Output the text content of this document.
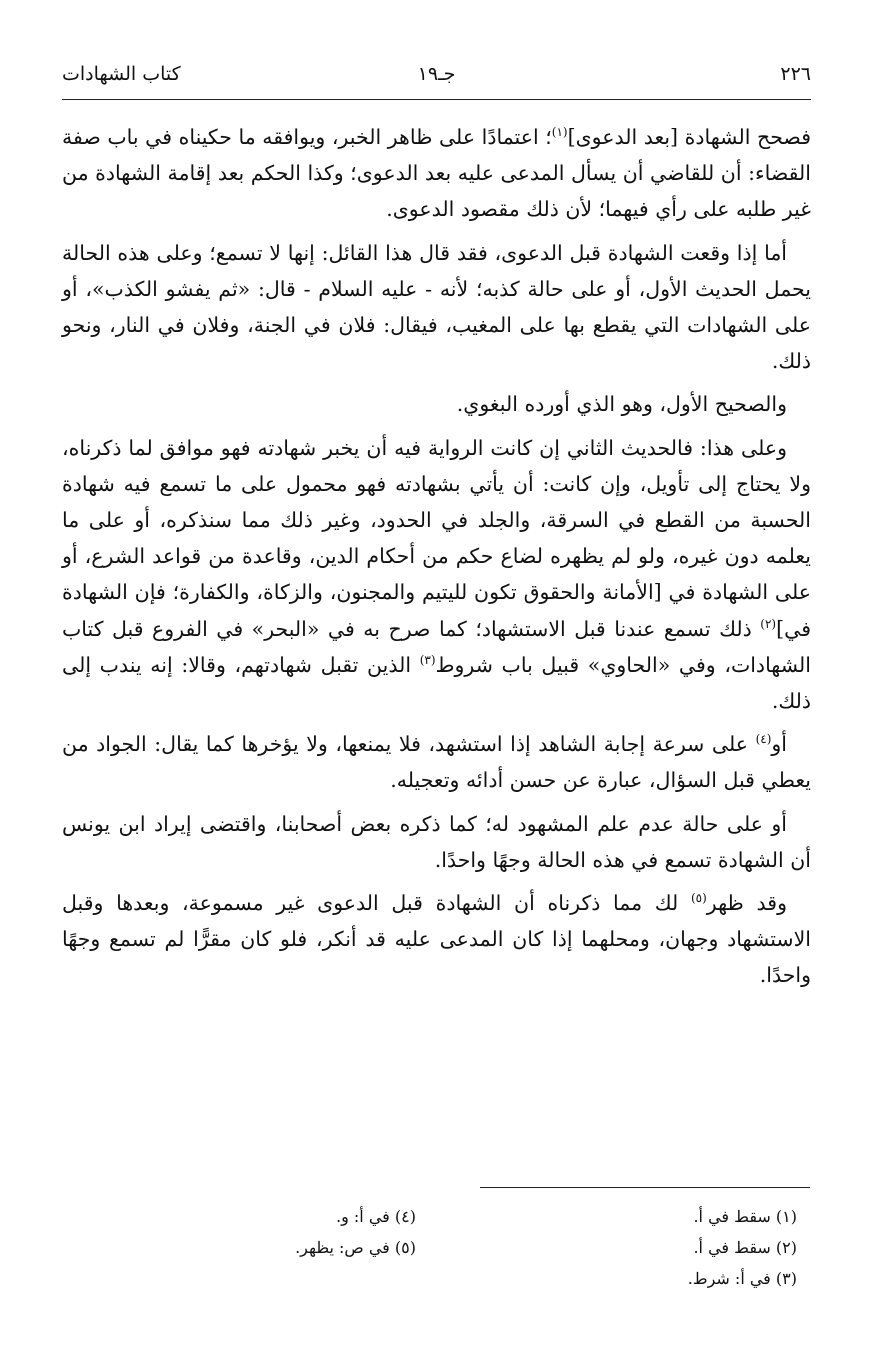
٢٢٦
جـ١٩
كتاب الشهادات

فصحح الشهادة [بعد الدعوى]$^{(١)}$؛ اعتمادًا على ظاهر الخبر، ويوافقه ما حكيناه في باب صفة القضاء: أن للقاضي أن يسأل المدعى عليه بعد الدعوى؛ وكذا الحكم بعد إقامة الشهادة من غير طلبه على رأي فيهما؛ لأن ذلك مقصود الدعوى.

أما إذا وقعت الشهادة قبل الدعوى، فقد قال هذا القائل: إنها لا تسمع؛ وعلى هذه الحالة يحمل الحديث الأول، أو على حالة كذبه؛ لأنه - عليه السلام - قال: «ثم يفشو الكذب»، أو على الشهادات التي يقطع بها على المغيب، فيقال: فلان في الجنة، وفلان في النار، ونحو ذلك.

والصحيح الأول، وهو الذي أورده البغوي.

وعلى هذا: فالحديث الثاني إن كانت الرواية فيه أن يخبر شهادته فهو موافق لما ذكرناه، ولا يحتاج إلى تأويل، وإن كانت: أن يأتي بشهادته فهو محمول على ما تسمع فيه شهادة الحسبة من القطع في السرقة، والجلد في الحدود، وغير ذلك مما سنذكره، أو على ما يعلمه دون غيره، ولو لم يظهره لضاع حكم من أحكام الدين، وقاعدة من قواعد الشرع، أو على الشهادة في [الأمانة والحقوق تكون لليتيم والمجنون، والزكاة، والكفارة؛ فإن الشهادة في]$^{(٢)}$ ذلك تسمع عندنا قبل الاستشهاد؛ كما صرح به في «البحر» في الفروع قبل كتاب الشهادات، وفي «الحاوي» قبيل باب شروط$^{(٣)}$ الذين تقبل شهادتهم، وقالا: إنه يندب إلى ذلك.

أو$^{(٤)}$ على سرعة إجابة الشاهد إذا استشهد، فلا يمنعها، ولا يؤخرها كما يقال: الجواد من يعطي قبل السؤال، عبارة عن حسن أدائه وتعجيله.

أو على حالة عدم علم المشهود له؛ كما ذكره بعض أصحابنا، واقتضى إيراد ابن يونس أن الشهادة تسمع في هذه الحالة وجهًا واحدًا.

وقد ظهر$^{(٥)}$ لك مما ذكرناه أن الشهادة قبل الدعوى غير مسموعة، وبعدها وقبل الاستشهاد وجهان، ومحلهما إذا كان المدعى عليه قد أنكر، فلو كان مقرًّا لم تسمع وجهًا واحدًا.

(١) سقط في أ.
(٢) سقط في أ.
(٣) في أ: شرط.
(٤) في أ: و.
(٥) في ص: يظهر.
